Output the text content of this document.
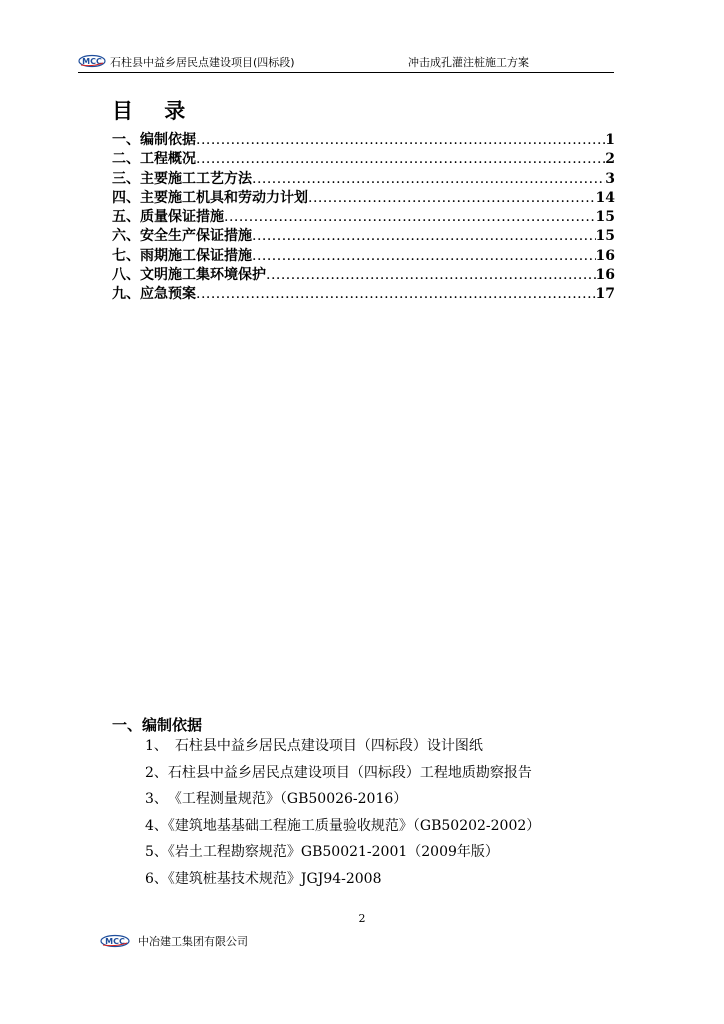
MCC 石柱县中益乡居民点建设项目(四标段)	冲击成孔灌注桩施工方案
目 录
一、编制依据 .....	1
二、工程概况 .....	2
三、主要施工工艺方法 .....	3
四、主要施工机具和劳动力计划 .....	14
五、质量保证措施 .....	15
六、安全生产保证措施 .....	15
七、雨期施工保证措施 .....	16
八、文明施工集环境保护 .....	16
九、应急预案 .....	17
一、编制依据
1、　石柱县中益乡居民点建设项目（四标段）设计图纸
2、石柱县中益乡居民点建设项目（四标段）工程地质勘察报告
3、　《工程测量规范》（GB50026-2016）
4、《建筑地基基础工程施工质量验收规范》（GB50202-2002）
5、《岩土工程勘察规范》GB50021-2001（2009年版）
6、《建筑桩基技术规范》JGJ94-2008
2
MCC 中冶建工集团有限公司
